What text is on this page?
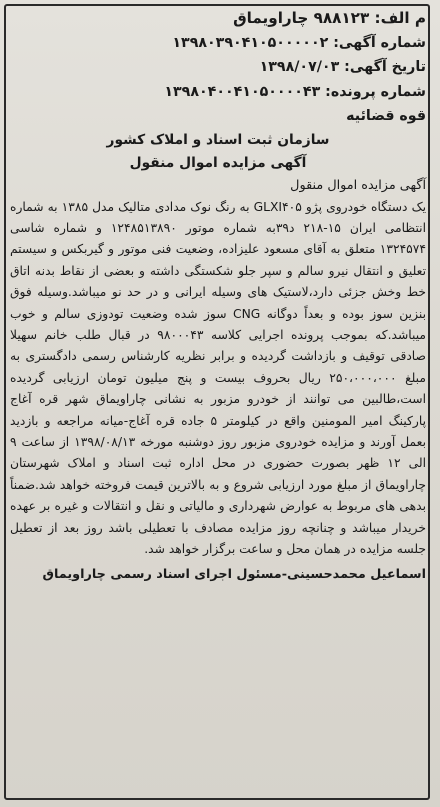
م الف: ۹۸۸۱۲۳ چاراویماق

شماره آگهی: ۱۳۹۸۰۳۹۰۴۱۰۵۰۰۰۰۰۲

تاریخ آگهی: ۱۳۹۸/۰۷/۰۳

شماره پرونده: ۱۳۹۸۰۴۰۰۴۱۰۵۰۰۰۰۴۳

قوه قضائیه

سازمان ثبت اسناد و املاک کشور

آگهی مزایده اموال منقول

آگهی مزایده اموال منقول

یک دستگاه خودروی پژو GLXI۴۰۵ به رنگ نوک مدادی متالیک مدل ۱۳۸۵ به شماره انتظامی ایران ۱۵-۲۱۸ د۳۹به شماره موتور ۱۲۴۸۵۱۳۸۹۰ و شماره شاسی ۱۳۲۴۵۷۴ متعلق به آقای مسعود علیزاده، وضعیت فنی موتور و گیربکس و سیستم تعلیق و انتقال نیرو سالم و سپر جلو شکستگی داشته و بعضی از نقاط بدنه اتاق خط وخش جزئی دارد،لاستیک های وسیله ایرانی و در حد نو میباشد.وسیله فوق بنزین سوز بوده و بعداً دوگانه CNG سوز شده وضعیت تودوزی سالم و خوب میباشد.که بموجب پرونده اجرایی کلاسه ۹۸۰۰۰۴۳ در قبال طلب خانم سهیلا صادقی توقیف و بازداشت گردیده و برابر نظریه کارشناس رسمی دادگستری به مبلغ ۲۵۰،۰۰۰،۰۰۰ ریال بحروف بیست و پنج میلیون تومان ارزیابی گردیده است،طالبین می توانند از خودرو مزبور به نشانی چاراویماق شهر قره آغاج پارکینگ امیر المومنین واقع در کیلومتر ۵ جاده قره آغاج-میانه مراجعه و بازدید بعمل آورند و مزایده خودروی مزبور روز دوشنبه مورخه ۱۳۹۸/۰۸/۱۳ از ساعت ۹ الی ۱۲ ظهر بصورت حضوری در محل اداره ثبت اسناد و املاک شهرستان چاراویماق از مبلغ مورد ارزیابی شروع و به بالاترین قیمت فروخته خواهد شد.ضمناً بدهی های مربوط به عوارض شهرداری و مالیاتی و نقل و انتقالات و غیره بر عهده خریدار میباشد و چنانچه روز مزایده مصادف با تعطیلی باشد روز بعد از تعطیل جلسه مزایده در همان محل و ساعت برگزار خواهد شد.

اسماعیل محمدحسینی-مسئول اجرای اسناد رسمی چاراویماق
